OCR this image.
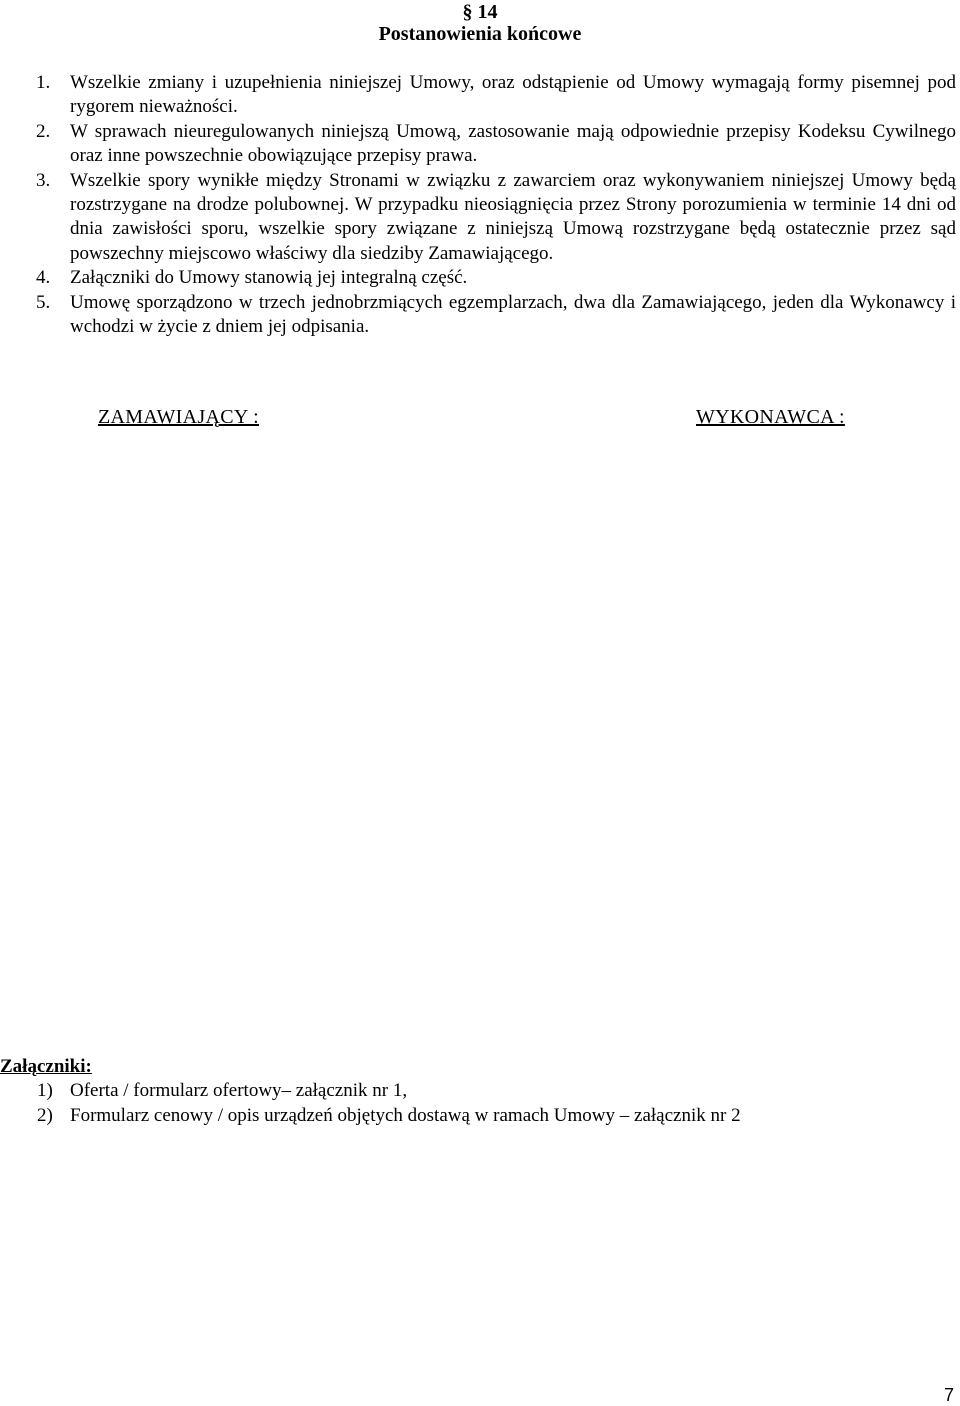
§ 14
Postanowienia końcowe
1. Wszelkie zmiany i uzupełnienia niniejszej Umowy, oraz odstąpienie od Umowy wymagają formy pisemnej pod rygorem nieważności.
2. W sprawach nieuregulowanych niniejszą Umową, zastosowanie mają odpowiednie przepisy Kodeksu Cywilnego oraz inne powszechnie obowiązujące przepisy prawa.
3. Wszelkie spory wynikłe między Stronami w związku z zawarciem oraz wykonywaniem niniejszej Umowy będą rozstrzygane na drodze polubownej. W przypadku nieosiągnięcia przez Strony porozumienia w terminie 14 dni od dnia zawisłości sporu, wszelkie spory związane z niniejszą Umową rozstrzygane będą ostatecznie przez sąd powszechny miejscowo właściwy dla siedziby Zamawiającego.
4. Załączniki do Umowy stanowią jej integralną część.
5. Umowę sporządzono w trzech jednobrzmiących egzemplarzach, dwa dla Zamawiającego, jeden dla Wykonawcy i wchodzi w życie z dniem jej odpisania.
ZAMAWIAJĄCY :	WYKONAWCA :
Załączniki:
1) Oferta / formularz ofertowy– załącznik nr 1,
2) Formularz cenowy / opis urządzeń objętych dostawą w ramach Umowy – załącznik nr 2
7
